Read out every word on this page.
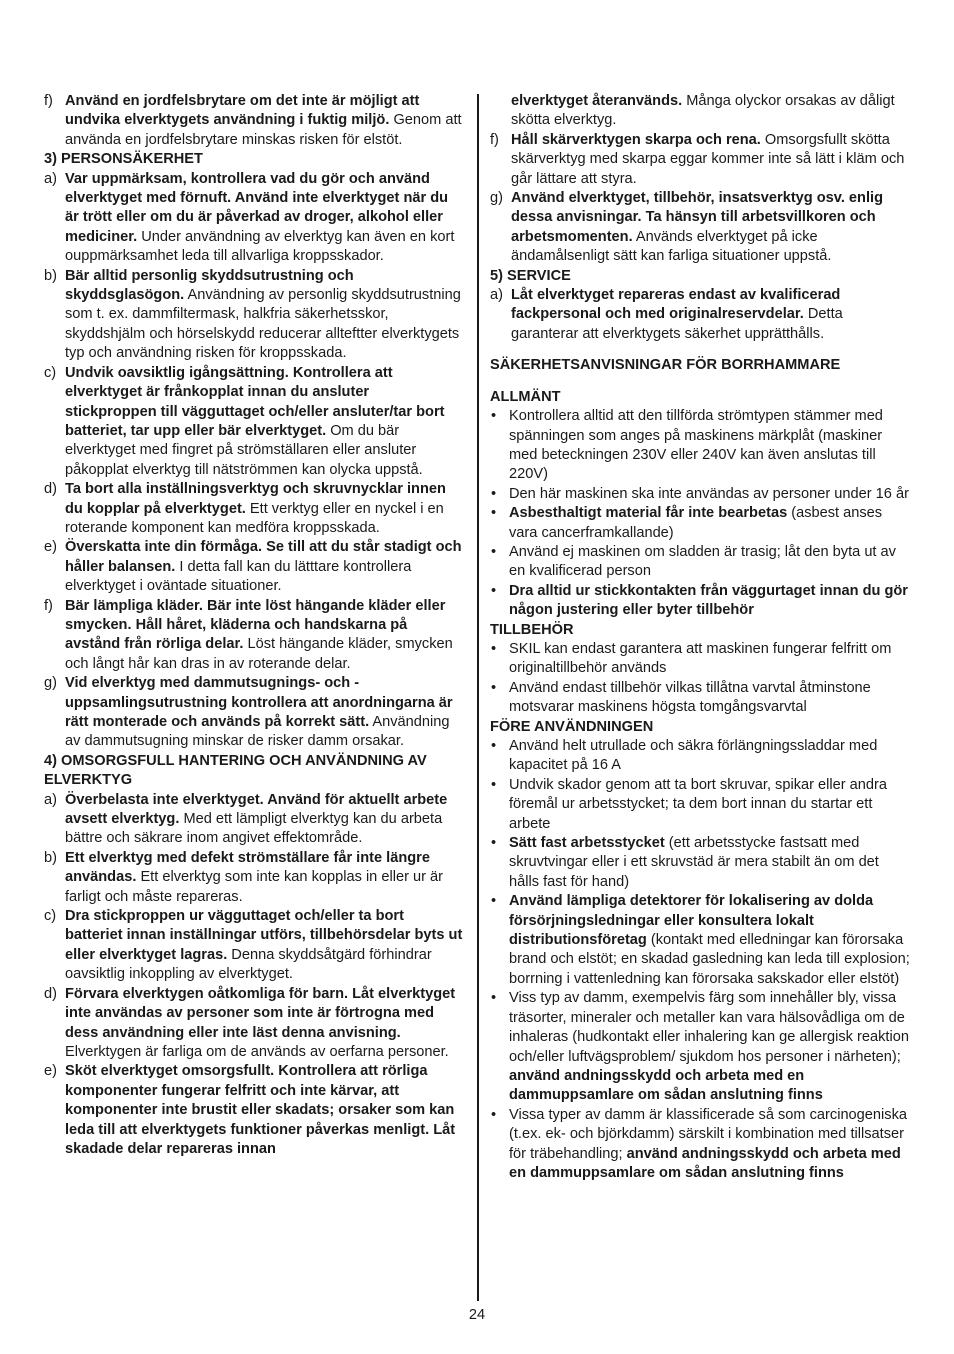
f) Använd en jordfelsbrytare om det inte är möjligt att undvika elverktygets användning i fuktig miljö. Genom att använda en jordfelsbrytare minskas risken för elstöt.
3) PERSONSÄKERHET
a) Var uppmärksam, kontrollera vad du gör och använd elverktyget med förnuft. Använd inte elverktyget när du är trött eller om du är påverkad av droger, alkohol eller mediciner. Under användning av elverktyg kan även en kort ouppmärksamhet leda till allvarliga kroppsskador.
b) Bär alltid personlig skyddsutrustning och skyddsglasögon. Användning av personlig skyddsutrustning som t. ex. dammfiltermask, halkfria säkerhetsskor, skyddshjälm och hörselskydd reducerar allteftter elverktygets typ och användning risken för kroppsskada.
c) Undvik oavsiktlig igångsättning. Kontrollera att elverktyget är frånkopplat innan du ansluter stickproppen till vägguttaget och/eller ansluter/tar bort batteriet, tar upp eller bär elverktyget. Om du bär elverktyget med fingret på strömställaren eller ansluter påkopplat elverktyg till nätströmmen kan olycka uppstå.
d) Ta bort alla inställningsverktyg och skruvnycklar innen du kopplar på elverktyget. Ett verktyg eller en nyckel i en roterande komponent kan medföra kroppsskada.
e) Överskatta inte din förmåga. Se till att du står stadigt och håller balansen. I detta fall kan du lätttare kontrollera elverktyget i oväntade situationer.
f) Bär lämpliga kläder. Bär inte löst hängande kläder eller smycken. Håll håret, kläderna och handskarna på avstånd från rörliga delar. Löst hängande kläder, smycken och långt hår kan dras in av roterande delar.
g) Vid elverktyg med dammutsugnings- och -uppsamlingsutrustning kontrollera att anordningarna är rätt monterade och används på korrekt sätt. Användning av dammutsugning minskar de risker damm orsakar.
4) OMSORGSFULL HANTERING OCH ANVÄNDNING AV ELVERKTYG
a) Överbelasta inte elverktyget. Använd för aktuellt arbete avsett elverktyg. Med ett lämpligt elverktyg kan du arbeta bättre och säkrare inom angivet effektområde.
b) Ett elverktyg med defekt strömställare får inte längre användas. Ett elverktyg som inte kan kopplas in eller ur är farligt och måste repareras.
c) Dra stickproppen ur vägguttaget och/eller ta bort batteriet innan inställningar utförs, tillbehörsdelar byts ut eller elverktyget lagras. Denna skyddsåtgärd förhindrar oavsiktlig inkoppling av elverktyget.
d) Förvara elverktygen oåtkomliga för barn. Låt elverktyget inte användas av personer som inte är förtrogna med dess användning eller inte läst denna anvisning. Elverktygen är farliga om de används av oerfarna personer.
e) Sköt elverktyget omsorgsfullt. Kontrollera att rörliga komponenter fungerar felfritt och inte kärvar, att komponenter inte brustit eller skadats; orsaker som kan leda till att elverktygets funktioner påverkas menligt. Låt skadade delar repareras innan
elverktyget återanvänds. Många olyckor orsakas av dåligt skötta elverktyg.
f) Håll skärverktygen skarpa och rena. Omsorgsfullt skötta skärverktyg med skarpa eggar kommer inte så lätt i kläm och går lättare att styra.
g) Använd elverktyget, tillbehör, insatsverktyg osv. enlig dessa anvisningar. Ta hänsyn till arbetsvillkoren och arbetsmomenten. Används elverktyget på icke ändamålsenligt sätt kan farliga situationer uppstå.
5) SERVICE
a) Låt elverktyget repareras endast av kvalificerad fackpersonal och med originalreservdelar. Detta garanterar att elverktygets säkerhet upprätthålls.
SÄKERHETSANVISNINGAR FÖR BORRHAMMARE
ALLMÄNT
• Kontrollera alltid att den tillförda strömtypen stämmer med spänningen som anges på maskinens märkplåt (maskiner med beteckningen 230V eller 240V kan även anslutas till 220V)
• Den här maskinen ska inte användas av personer under 16 år
• Asbesthaltigt material får inte bearbetas (asbest anses vara cancerframkallande)
• Använd ej maskinen om sladden är trasig; låt den byta ut av en kvalificerad person
• Dra alltid ur stickkontakten från väggurtaget innan du gör någon justering eller byter tillbehör
TILLBEHÖR
• SKIL kan endast garantera att maskinen fungerar felfritt om originaltillbehör används
• Använd endast tillbehör vilkas tillåtna varvtal åtminstone motsvarar maskinens högsta tomgångsvarvtal
FÖRE ANVÄNDNINGEN
• Använd helt utrullade och säkra förlängningssladdar med kapacitet på 16 A
• Undvik skador genom att ta bort skruvar, spikar eller andra föremål ur arbetsstycket; ta dem bort innan du startar ett arbete
• Sätt fast arbetsstycket (ett arbetsstycke fastsatt med skruvtvingar eller i ett skruvstäd är mera stabilt än om det hålls fast för hand)
• Använd lämpliga detektorer för lokalisering av dolda försörjningsledningar eller konsultera lokalt distributionsföretag (kontakt med elledningar kan förorsaka brand och elstöt; en skadad gasledning kan leda till explosion; borrning i vattenledning kan förorsaka sakskador eller elstöt)
• Viss typ av damm, exempelvis färg som innehåller bly, vissa träsorter, mineraler och metaller kan vara hälsovådliga om de inhaleras (hudkontakt eller inhalering kan ge allergisk reaktion och/eller luftvägsproblem/ sjukdom hos personer i närheten); använd andningsskydd och arbeta med en dammuppsamlare om sådan anslutning finns
• Vissa typer av damm är klassificerade så som carcinogeniska (t.ex. ek- och björkdamm) särskilt i kombination med tillsatser för träbehandling; använd andningsskydd och arbeta med en dammuppsamlare om sådan anslutning finns
24
